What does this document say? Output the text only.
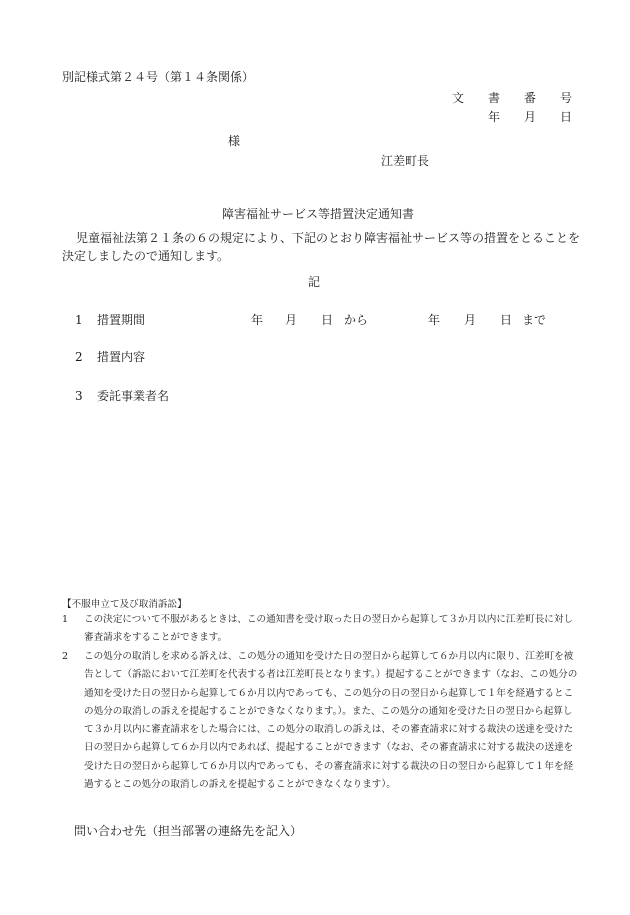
別記様式第２４号（第１４条関係）
文 書 番 号
年 月 日
様
江差町長
障害福祉サービス等措置決定通知書
児童福祉法第２１条の６の規定により、下記のとおり障害福祉サービス等の措置をとることを決定しましたので通知します。
記
1	措置期間	年 月 日 から	年 月 日 まで
2	措置内容
3	委託事業者名
【不服申立て及び取消訴訟】
1	この決定について不服があるときは、この通知書を受け取った日の翌日から起算して３か月以内に江差町長に対し審査請求をすることができます。
2	この処分の取消しを求める訴えは、この処分の通知を受けた日の翌日から起算して６か月以内に限り、江差町を被告として（訴訟において江差町を代表する者は江差町長となります。）提起することができます（なお、この処分の通知を受けた日の翌日から起算して６か月以内であっても、この処分の日の翌日から起算して１年を経過するとこの処分の取消しの訴えを提起することができなくなります。）。また、この処分の通知を受けた日の翌日から起算して３か月以内に審査請求をした場合には、この処分の取消しの訴えは、その審査請求に対する裁決の送達を受けた日の翌日から起算して６か月以内であれば、提起することができます（なお、その審査請求に対する裁決の送達を受けた日の翌日から起算して６か月以内であっても、その審査請求に対する裁決の日の翌日から起算して１年を経過するとこの処分の取消しの訴えを提起することができなくなります）。
問い合わせ先（担当部署の連絡先を記入）
